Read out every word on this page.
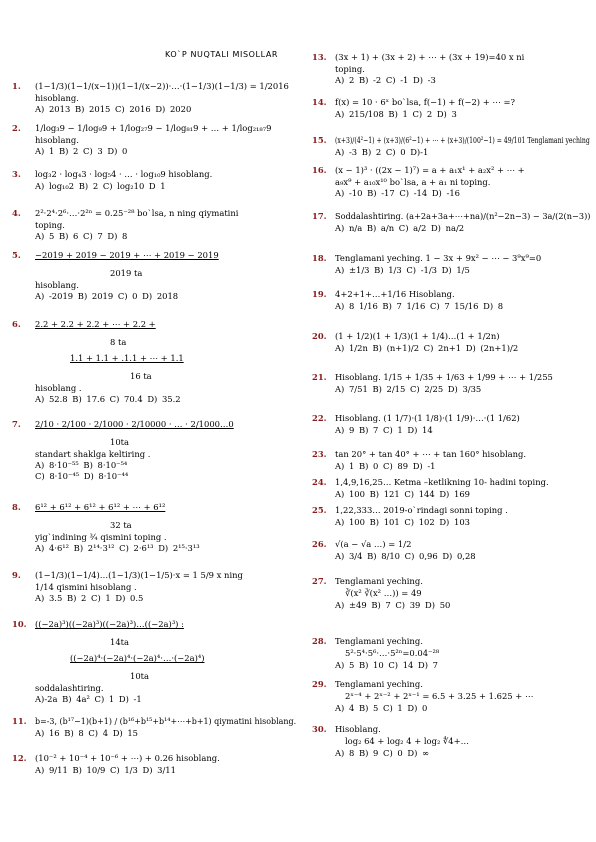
KO`P NUQTALI MISOLLAR
1. (1−1/3)(1−1/(x−1))(1−1/(x−2))·…·(1−1/3)(1−1/3) = 1/2016
hisoblang.
A) 2013 B) 2015 C) 2016 D) 2020
2. 1/log₃9 − 1/log₉9 + 1/log₂₇9 − 1/log₈₁9 + … + 1/log₂₁₈₇9
hisoblang.
A) 1 B) 2 C) 3 D) 0
3. log₃2 · log₄3 · log₅4 · … · log₁₀9 hisoblang.
A) log₁₀2 B) 2 C) log₂10 D 1
4. 2²·2⁴·2⁶·…·2²ⁿ = 0.25⁻²⁸ bo`lsa, n ning qiymatini
toping.
A) 5 B) 6 C) 7 D) 8
5. −2019 + 2019 − 2019 + ⋯ + 2019 − 2019
2019 ta
hisoblang.
A) -2019 B) 2019 C) 0 D) 2018
6. 2.2 + 2.2 + 2.2 + ⋯ + 2.2 +
8 ta
1.1 + 1.1 + .1.1 + ⋯ + 1.1
16 ta
hisoblang .
A) 52.8 B) 17.6 C) 70.4 D) 35.2
7. 2/10 · 2/100 · 2/1000 · 2/10000 · … · 2/1000…0
10ta
standart shaklga keltiring .
A) 8·10⁻⁵⁵ B) 8·10⁻⁵⁴
C) 8·10⁻⁴⁵ D) 8·10⁻⁴⁴
8. 6¹² + 6¹² + 6¹² + 6¹² + ⋯ + 6¹²
32 ta
yig`indining ¾ qismini toping .
A) 4·6¹² B) 2¹⁴·3¹² C) 2·6¹³ D) 2¹⁵·3¹³
9. (1−1/3)(1−1/4)…(1−1/3)(1−1/5)·x = 1 5/9 x ning
1/14 qismini hisoblang .
A) 3.5 B) 2 C) 1 D) 0.5
10. ((−2a)³)((−2a)³)((−2a)³)…((−2a)³) :
14ta
((−2a)⁴·(−2a)⁴·(−2a)⁴·…·(−2a)⁴)
10ta
soddalashtiring.
A)-2a B) 4a² C) 1 D) -1
11. b=-3, (b¹⁷−1)(b+1) / (b¹⁶+b¹⁵+b¹⁴+⋯+b+1) qiymatini hisoblang.
A) 16 B) 8 C) 4 D) 15
12. (10⁻² + 10⁻⁴ + 10⁻⁶ + ⋯) + 0.26 hisoblang.
A) 9/11 B) 10/9 C) 1/3 D) 3/11
13. (3x + 1) + (3x + 2) + ⋯ + (3x + 19)=40 x ni
toping.
A) 2 B) -2 C) -1 D) -3
14. f(x) = 10 · 6ˣ bo`lsa, f(−1) + f(−2) + ⋯ =?
A) 215/108 B) 1 C) 2 D) 3
15. (x+3)/(4²−1) + (x+3)/(6²−1) + ⋯ + (x+3)/(100²−1) = 49/101 Tenglamani yeching
A) -3 B) 2 C) 0 D)-1
16. (x − 1)³ · ((2x − 1)⁷) = a + a₁x¹ + a₂x² + ⋯ +
a₉x⁹ + a₁₀x¹⁰ bo`lsa, a + a₁ ni toping.
A) -10 B) -17 C) -14 D) -16
17. Soddalashtiring. (a+2a+3a+⋯+na)/(n²−2n−3) − 3a/(2(n−3))
A) n/a B) a/n C) a/2 D) na/2
18. Tenglamani yeching. 1 − 3x + 9x² − ⋯ − 3⁹x⁹=0
A) ±1/3 B) 1/3 C) -1/3 D) 1/5
19. 4+2+1+…+1/16 Hisoblang.
A) 8 1/16 B) 7 1/16 C) 7 15/16 D) 8
20. (1 + 1/2)(1 + 1/3)(1 + 1/4)…(1 + 1/2n)
A) 1/2n B) (n+1)/2 C) 2n+1 D) (2n+1)/2
21. Hisoblang. 1/15 + 1/35 + 1/63 + 1/99 + ⋯ + 1/255
A) 7/51 B) 2/15 C) 2/25 D) 3/35
22. Hisoblang. (1 1/7)·(1 1/8)·(1 1/9)·…·(1 1/62)
A) 9 B) 7 C) 1 D) 14
23. tan 20° + tan 40° + ⋯ + tan 160° hisoblang.
A) 1 B) 0 C) 89 D) -1
24. 1,4,9,16,25… Ketma –ketlikning 10- hadini toping.
A) 100 B) 121 C) 144 D) 169
25. 1,22,333… 2019-o`rindagi sonni toping .
A) 100 B) 101 C) 102 D) 103
26. √(a − √a …) = 1/2
A) 3/4 B) 8/10 C) 0,96 D) 0,28
27. Tenglamani yeching.
∛(x² ∛(x² …)) = 49
A) ±49 B) 7 C) 39 D) 50
28. Tenglamani yeching.
5²·5⁴·5⁶·…·5²ⁿ=0.04⁻²⁸
A) 5 B) 10 C) 14 D) 7
29. Tenglamani yeching.
2ˣ⁻⁴ + 2ˣ⁻² + 2ˣ⁻¹ = 6.5 + 3.25 + 1.625 + ⋯
A) 4 B) 5 C) 1 D) 0
30. Hisoblang.
log₂ 64 + log₂ 4 + log₂ ∜4+…
A) 8 B) 9 C) 0 D) ∞
